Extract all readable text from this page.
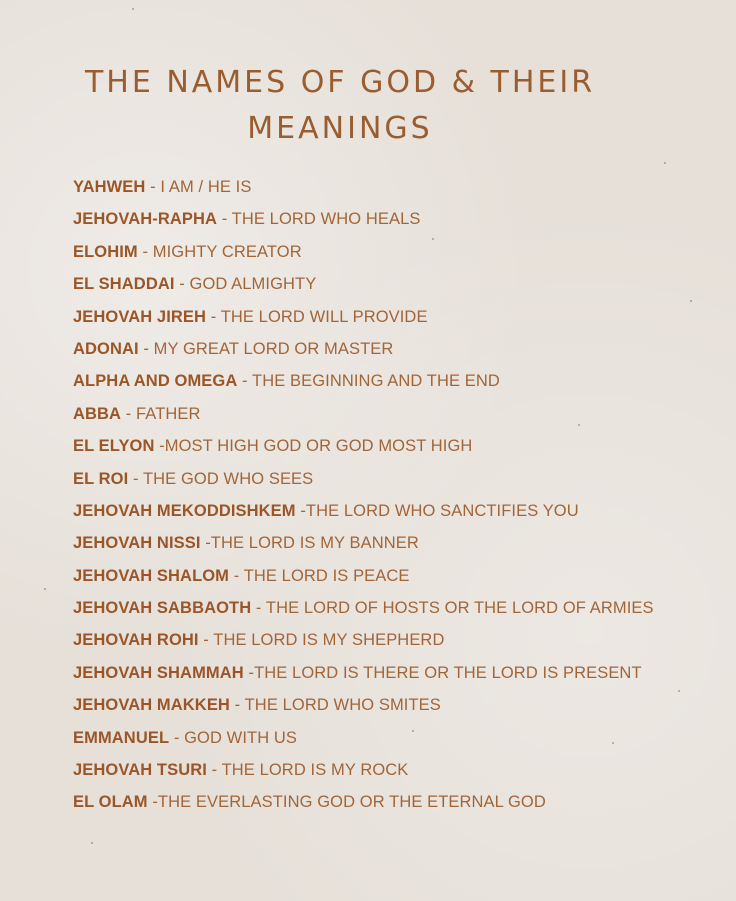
THE NAMES OF GOD & THEIR
MEANINGS
YAHWEH - I AM / HE IS
JEHOVAH-RAPHA - THE LORD WHO HEALS
ELOHIM - MIGHTY CREATOR
EL SHADDAI - GOD ALMIGHTY
JEHOVAH JIREH - THE LORD WILL PROVIDE
ADONAI - MY GREAT LORD OR MASTER
ALPHA AND OMEGA - THE BEGINNING AND THE END
ABBA - FATHER
EL ELYON -MOST HIGH GOD OR GOD MOST HIGH
EL ROI - THE GOD WHO SEES
JEHOVAH MEKODDISHKEM -THE LORD WHO SANCTIFIES YOU
JEHOVAH NISSI -THE LORD IS MY BANNER
JEHOVAH SHALOM - THE LORD IS PEACE
JEHOVAH SABBAOTH - THE LORD OF HOSTS OR THE LORD OF ARMIES
JEHOVAH ROHI - THE LORD IS MY SHEPHERD
JEHOVAH SHAMMAH -THE LORD IS THERE OR THE LORD IS PRESENT
JEHOVAH MAKKEH - THE LORD WHO SMITES
EMMANUEL - GOD WITH US
JEHOVAH TSURI - THE LORD IS MY ROCK
EL OLAM -THE EVERLASTING GOD OR THE ETERNAL GOD
